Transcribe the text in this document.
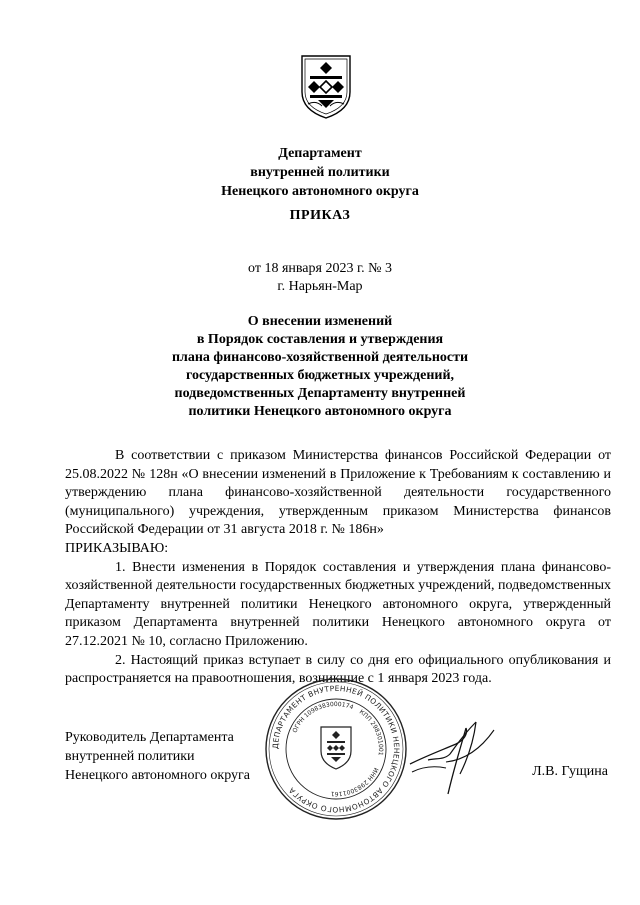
Департамент
внутренней политики
Ненецкого автономного округа
ПРИКАЗ
от 18 января 2023 г. № 3
г. Нарьян-Мар
О внесении изменений
в Порядок составления и утверждения
плана финансово-хозяйственной деятельности
государственных бюджетных учреждений,
подведомственных Департаменту внутренней
политики Ненецкого автономного округа

В соответствии с приказом Министерства финансов Российской Федерации от 25.08.2022 № 128н «О внесении изменений в Приложение к Требованиям к составлению и утверждению плана финансово-хозяйственной деятельности государственного (муниципального) учреждения, утвержденным приказом Министерства финансов Российской Федерации от 31 августа 2018 г. № 186н»

ПРИКАЗЫВАЮ:

1. Внести изменения в Порядок составления и утверждения плана финансово-хозяйственной деятельности государственных бюджетных учреждений, подведомственных Департаменту внутренней политики Ненецкого автономного округа, утвержденный приказом Департамента внутренней политики Ненецкого автономного округа от 27.12.2021 № 10, согласно Приложению.

2. Настоящий приказ вступает в силу со дня его официального опубликования и распространяется на правоотношения, возникшие с 1 января 2023 года.

Руководитель Департамента
внутренней политики
Ненецкого автономного округа
ДЕПАРТАМЕНТ ВНУТРЕННЕЙ ПОЛИТИКИ НЕНЕЦКОГО АВТОНОМНОГО ОКРУГА
ОГРН 1098383000174
КПП 298301001
ИНН 2983001161
Л.В. Гущина
